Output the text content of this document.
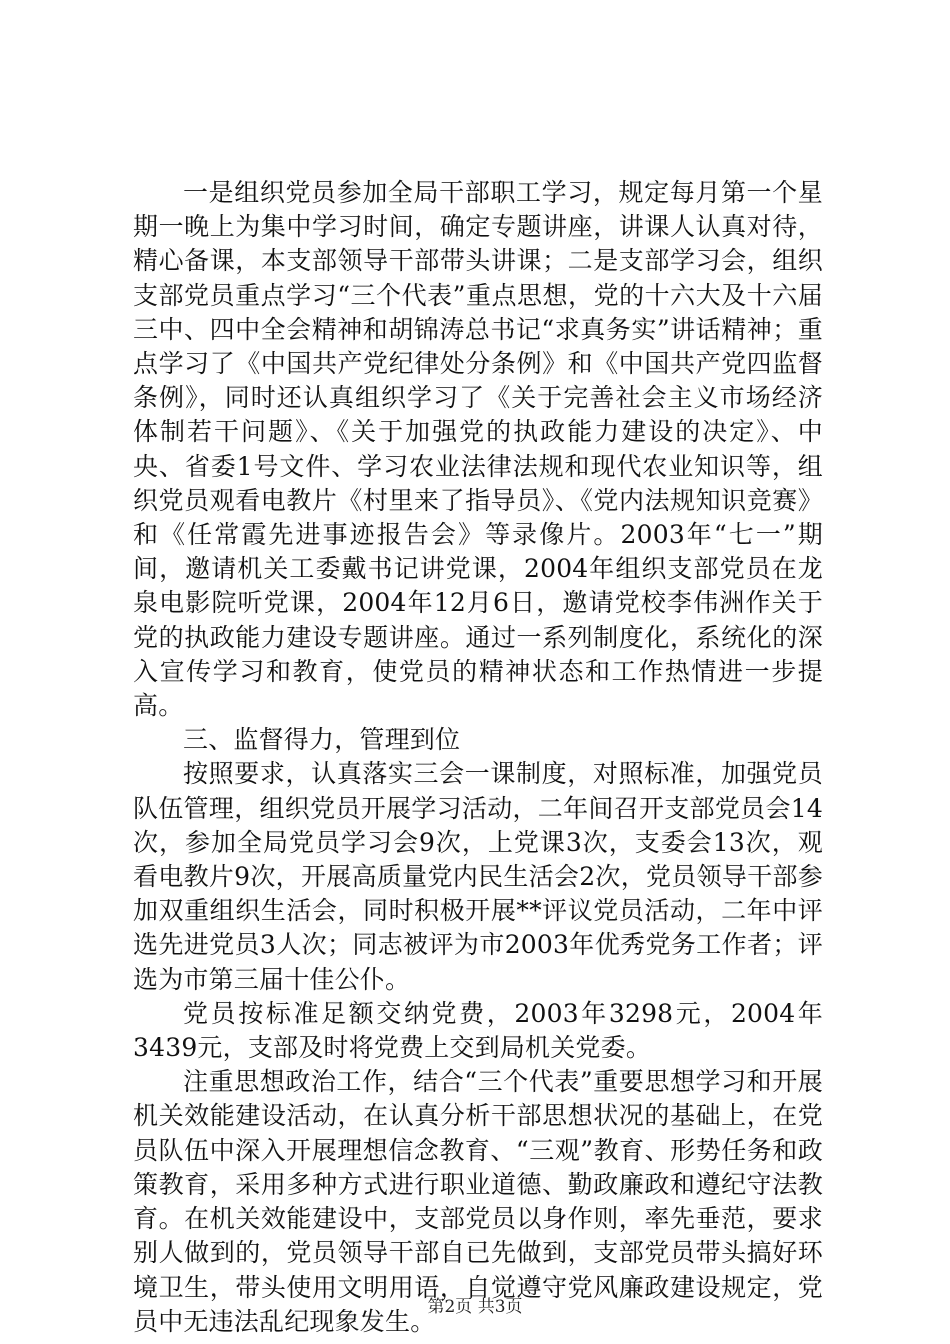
一是组织党员参加全局干部职工学习，规定每月第一个星期一晚上为集中学习时间，确定专题讲座，讲课人认真对待，精心备课，本支部领导干部带头讲课；二是支部学习会，组织支部党员重点学习“三个代表”重点思想，党的十六大及十六届三中、四中全会精神和胡锦涛总书记“求真务实”讲话精神；重点学习了《中国共产党纪律处分条例》和《中国共产党四监督条例》，同时还认真组织学习了《关于完善社会主义市场经济体制若干问题》、《关于加强党的执政能力建设的决定》、中央、省委1号文件、学习农业法律法规和现代农业知识等，组织党员观看电教片《村里来了指导员》、《党内法规知识竞赛》和《任常霞先进事迹报告会》等录像片。2003年“七一”期间，邀请机关工委戴书记讲党课，2004年组织支部党员在龙泉电影院听党课，2004年12月6日，邀请党校李伟洲作关于党的执政能力建设专题讲座。通过一系列制度化，系统化的深入宣传学习和教育，使党员的精神状态和工作热情进一步提高。

三、监督得力，管理到位

按照要求，认真落实三会一课制度，对照标准，加强党员队伍管理，组织党员开展学习活动，二年间召开支部党员会14次，参加全局党员学习会9次，上党课3次，支委会13次，观看电教片9次，开展高质量党内民生活会2次，党员领导干部参加双重组织生活会，同时积极开展**评议党员活动，二年中评选先进党员3人次；同志被评为市2003年优秀党务工作者；评选为市第三届十佳公仆。

党员按标准足额交纳党费，2003年3298元，2004年3439元，支部及时将党费上交到局机关党委。

注重思想政治工作，结合“三个代表”重要思想学习和开展机关效能建设活动，在认真分析干部思想状况的基础上，在党员队伍中深入开展理想信念教育、“三观”教育、形势任务和政策教育，采用多种方式进行职业道德、勤政廉政和遵纪守法教育。在机关效能建设中，支部党员以身作则，率先垂范，要求别人做到的，党员领导干部自已先做到，支部党员带头搞好环境卫生，带头使用文明用语，自觉遵守党风廉政建设规定，党员中无违法乱纪现象发生。

第2页 共3页
